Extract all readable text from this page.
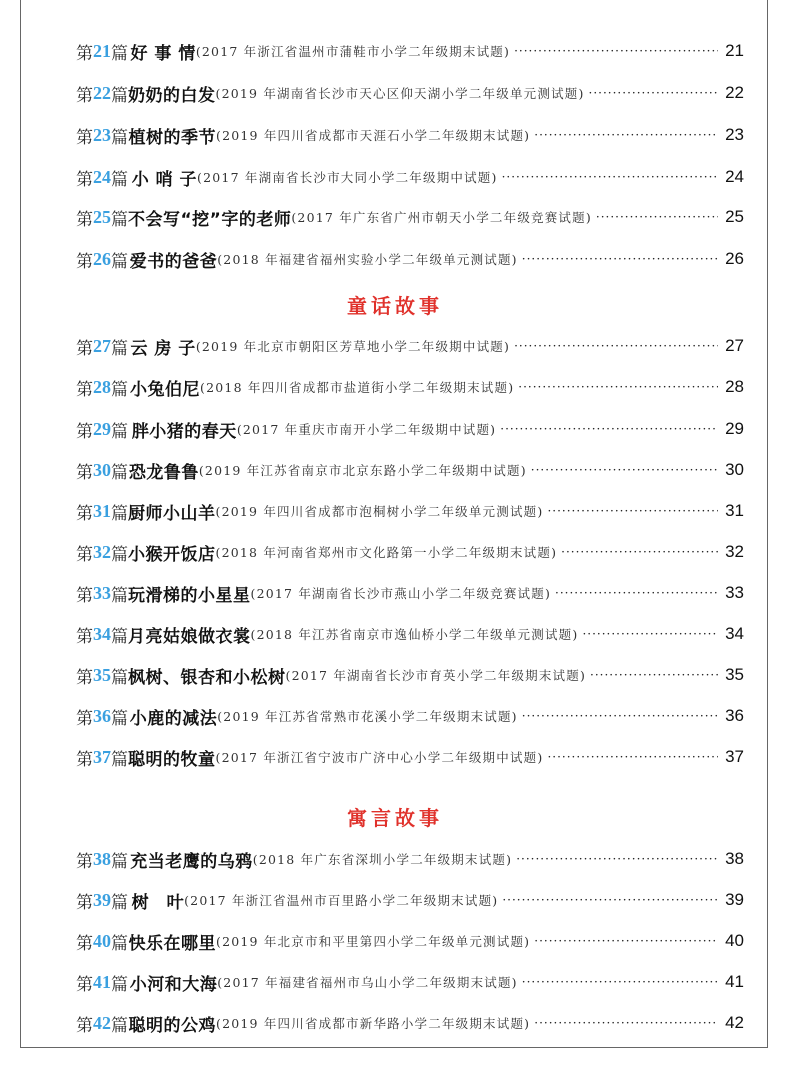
第 21 篇 好 事 情 (2017 年浙江省温州市蒲鞋市小学二年级期末试题) ·····	21
第 22 篇 奶奶的白发 (2019 年湖南省长沙市天心区仰天湖小学二年级单元测试题) ·····	22
第 23 篇 植树的季节 (2019 年四川省成都市天涯石小学二年级期末试题) ·····	23
第 24 篇 小 哨 子 (2017 年湖南省长沙市大同小学二年级期中试题) ·····	24
第 25 篇 不会写“挖”字的老师 (2017 年广东省广州市朝天小学二年级竞赛试题) ·····	25
第 26 篇 爱书的爸爸 (2018 年福建省福州实验小学二年级单元测试题) ·····	26
童话故事
第 27 篇 云 房 子 (2019 年北京市朝阳区芳草地小学二年级期中试题) ·····	27
第 28 篇 小兔伯尼 (2018 年四川省成都市盐道街小学二年级期末试题) ·····	28
第 29 篇 胖小猪的春天 (2017 年重庆市南开小学二年级期中试题) ·····	29
第 30 篇 恐龙鲁鲁 (2019 年江苏省南京市北京东路小学二年级期中试题) ·····	30
第 31 篇 厨师小山羊 (2019 年四川省成都市泡桐树小学二年级单元测试题) ·····	31
第 32 篇 小猴开饭店 (2018 年河南省郑州市文化路第一小学二年级期末试题) ·····	32
第 33 篇 玩滑梯的小星星 (2017 年湖南省长沙市燕山小学二年级竞赛试题) ·····	33
第 34 篇 月亮姑娘做衣裳 (2018 年江苏省南京市逸仙桥小学二年级单元测试题) ·····	34
第 35 篇 枫树、银杏和小松树 (2017 年湖南省长沙市育英小学二年级期末试题) ·····	35
第 36 篇 小鹿的减法 (2019 年江苏省常熟市花溪小学二年级期末试题) ·····	36
第 37 篇 聪明的牧童 (2017 年浙江省宁波市广济中心小学二年级期中试题) ·····	37
寓言故事
第 38 篇 充当老鹰的乌鸦 (2018 年广东省深圳小学二年级期末试题) ·····	38
第 39 篇 树　叶 (2017 年浙江省温州市百里路小学二年级期末试题) ·····	39
第 40 篇 快乐在哪里 (2019 年北京市和平里第四小学二年级单元测试题) ·····	40
第 41 篇 小河和大海 (2017 年福建省福州市乌山小学二年级期末试题) ·····	41
第 42 篇 聪明的公鸡 (2019 年四川省成都市新华路小学二年级期末试题) ·····	42
